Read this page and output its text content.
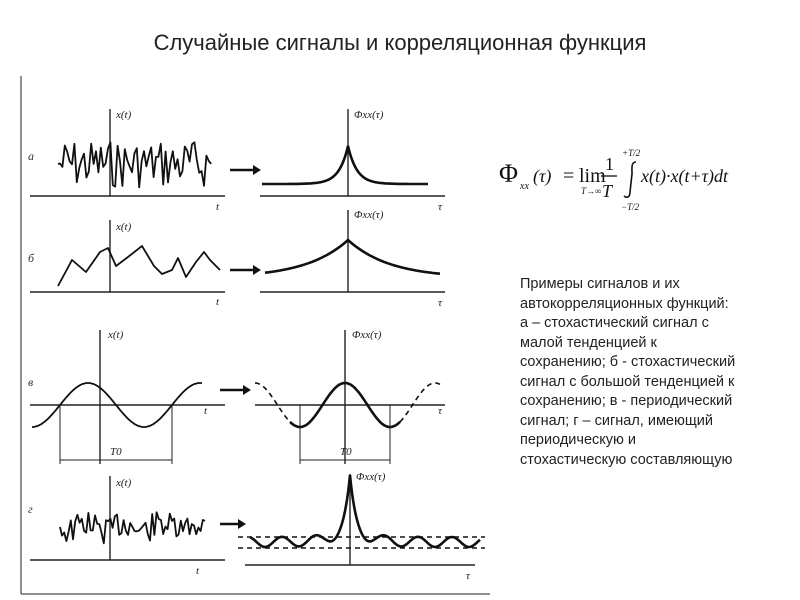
Случайные сигналы и корреляционная функция
а
x(t)
t
Φxx(τ)
τ
б
x(t)
t
Φxx(τ)
τ
в
x(t)
t
T0
Φxx(τ)
τ
T0
г
x(t)
t
Φxx(τ)
τ
Φ xx
(τ) = lim
T→∞
1
T
+T/2
−T/2
x(t)·x(t+τ)dt
Примеры сигналов и их
автокорреляционных функций:
а – стохастический сигнал с
малой тенденцией к
сохранению; б - стохастический
сигнал с большой тенденцией к
сохранению; в - периодический
сигнал; г – сигнал, имеющий
периодическую и
стохастическую составляющую
